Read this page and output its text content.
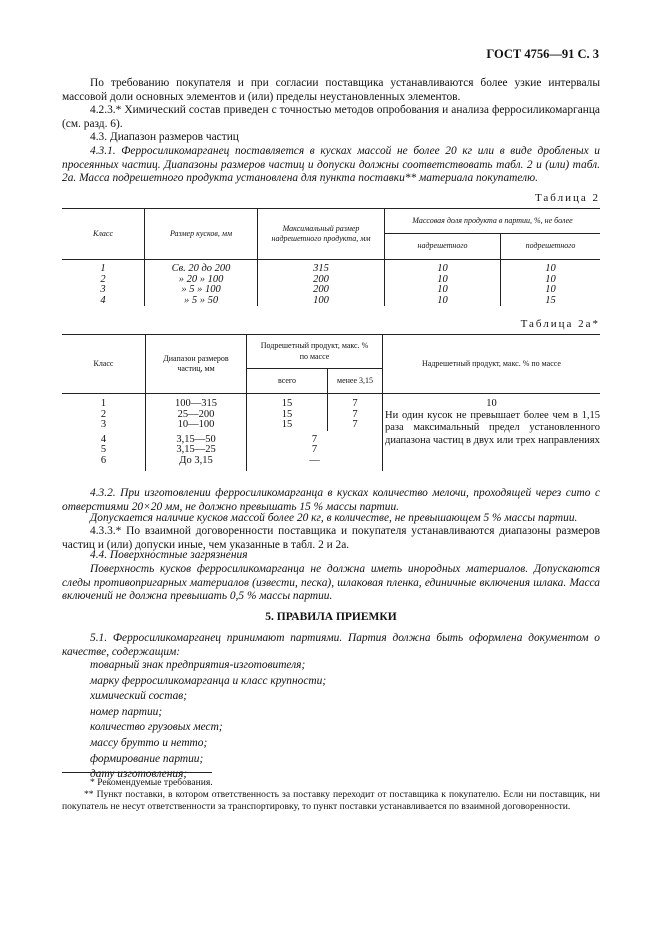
ГОСТ 4756—91 С. 3

По требованию покупателя и при согласии поставщика устанавливаются более узкие интервалы массовой доли основных элементов и (или) пределы неустановленных элементов.

4.2.3.* Химический состав приведен с точностью методов опробования и анализа ферросиликомарганца (см. разд. 6).

4.3. Диапазон размеров частиц

4.3.1. Ферросиликомарганец поставляется в кусках массой не более 20 кг или в виде дробленых и просеянных частиц. Диапазоны размеров частиц и допуски должны соответствовать табл. 2 и (или) табл. 2а. Масса подрешетного продукта установлена для пункта поставки** материала покупателю.

Таблица 2
Класс	Размер кусков, мм	Максимальный размер надрешетного продукта, мм	Массовая доля продукта в партии, %, не более	
			надрешетного	подрешетного
1	Св. 20 до 200	315	10	10
2	» 20 » 100	200	10	10
3	» 5 » 100	200	10	10
4	» 5 » 50	100	10	15
Таблица 2а*
Класс	Диапазон размеров частиц, мм	Подрешетный продукт, макс. % по массе		Надрешетный продукт, макс. % по массе
		всего	менее 3,15	
1	100—315	15	7	10
Ни один кусок не превышает более чем в 1,15 раза максимальный предел установленного диапазона частиц в двух или трех направлениях

2	25—200	15	7	
3	10—100	15	7	
4	3,15—50	7		
5	3,15—25	7		
6	До 3,15	—		

4.3.2. При изготовлении ферросиликомарганца в кусках количество мелочи, проходящей через сито с отверстиями 20×20 мм, не должно превышать 15 % массы партии.

Допускается наличие кусков массой более 20 кг, в количестве, не превышающем 5 % массы партии.

4.3.3.* По взаимной договоренности поставщика и покупателя устанавливаются диапазоны размеров частиц и (или) допуски иные, чем указанные в табл. 2 и 2а.

4.4. Поверхностные загрязнения

Поверхность кусков ферросиликомарганца не должна иметь инородных материалов. Допускаются следы противопригарных материалов (извести, песка), шлаковая пленка, единичные включения шлака. Масса включений не должна превышать 0,5 % массы партии.

5. ПРАВИЛА ПРИЕМКИ

5.1. Ферросиликомарганец принимают партиями. Партия должна быть оформлена документом о качестве, содержащим:

товарный знак предприятия-изготовителя;
марку ферросиликомарганца и класс крупности;
химический состав;
номер партии;
количество грузовых мест;
массу брутто и нетто;
формирование партии;
дату изготовления;

* Рекомендуемые требования.

** Пункт поставки, в котором ответственность за поставку переходит от поставщика к покупателю. Если ни поставщик, ни покупатель не несут ответственности за транспортировку, то пункт поставки устанавливается по взаимной договоренности.
